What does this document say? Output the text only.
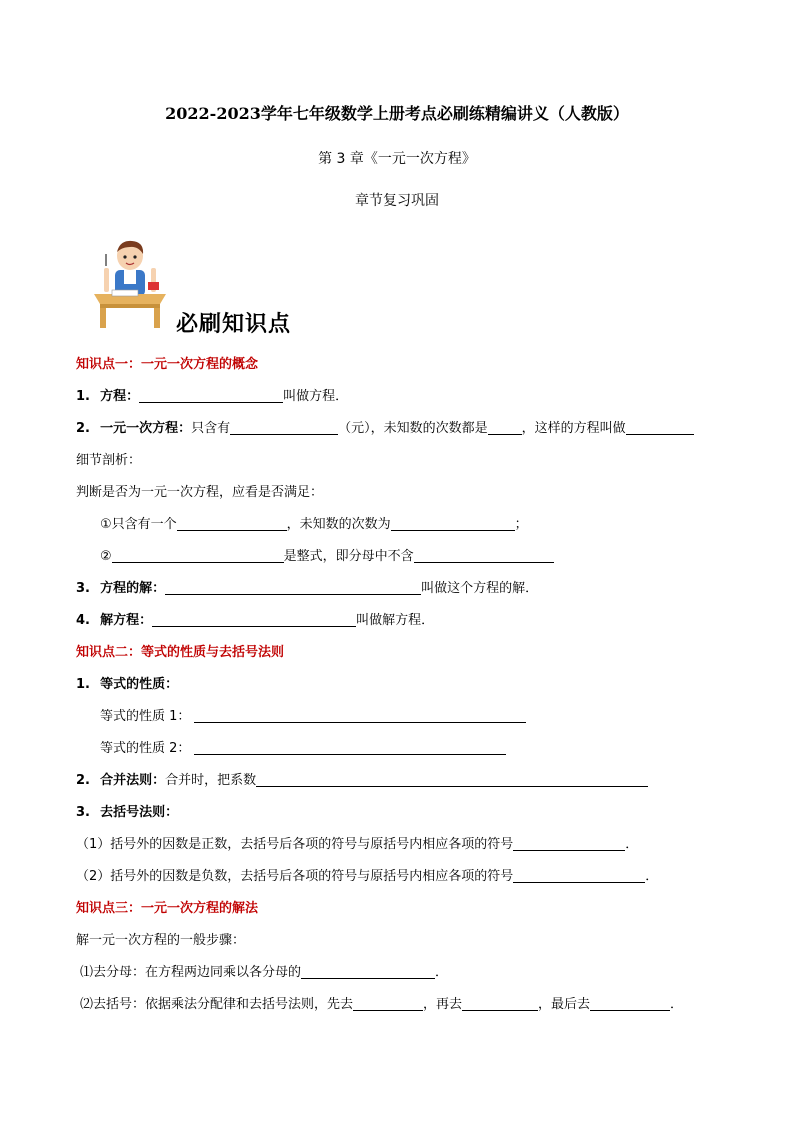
2022-2023学年七年级数学上册考点必刷练精编讲义（人教版）
第 3 章《一元一次方程》
章节复习巩固
必刷知识点
知识点一：一元一次方程的概念
1. 方程：	叫做方程．
2. 一元一次方程：只含有	（元），未知数的次数都是	，这样的方程叫做
细节剖析：
判断是否为一元一次方程，应看是否满足：
①只含有一个	，未知数的次数为	；
②	是整式，即分母中不含
3. 方程的解：	叫做这个方程的解．
4. 解方程：	叫做解方程．
知识点二：等式的性质与去括号法则
1. 等式的性质：
等式的性质 1：
等式的性质 2：
2. 合并法则：合并时，把系数
3. 去括号法则：
（1）括号外的因数是正数，去括号后各项的符号与原括号内相应各项的符号	．
（2）括号外的因数是负数，去括号后各项的符号与原括号内相应各项的符号	．
知识点三：一元一次方程的解法
解一元一次方程的一般步骤：
⑴去分母：在方程两边同乘以各分母的	．
⑵去括号：依据乘法分配律和去括号法则，先去	，再去	，最后去	．
